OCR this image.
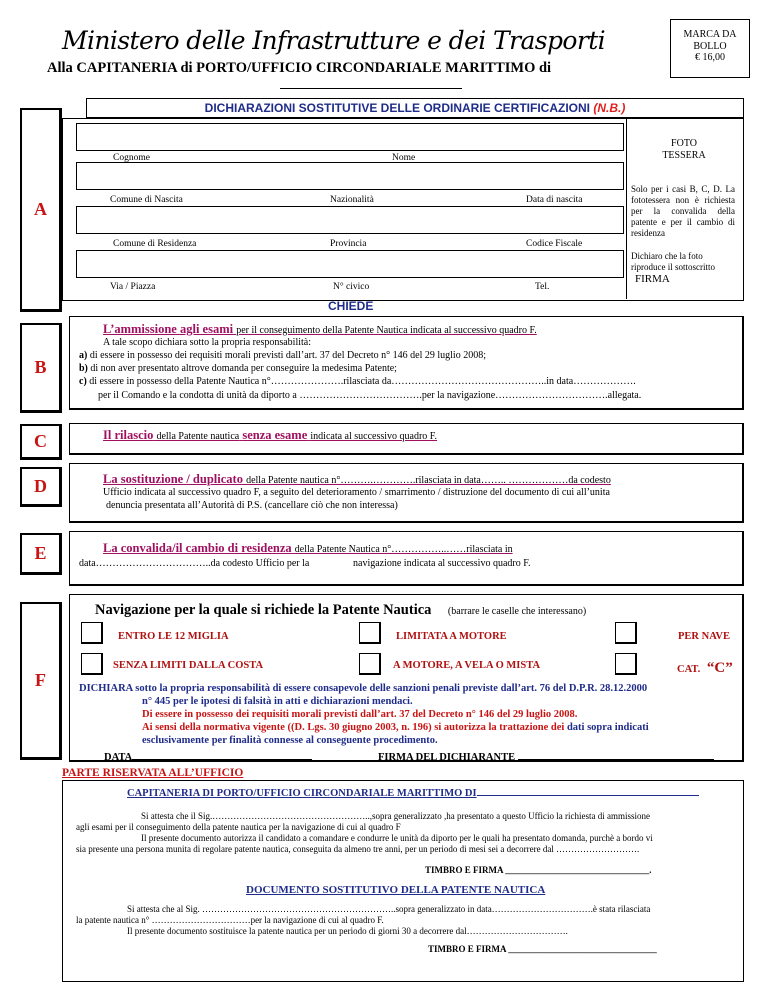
Ministero delle Infrastrutture e dei Trasporti
Alla CAPITANERIA di PORTO/UFFICIO CIRCONDARIALE MARITTIMO di
MARCA DA
BOLLO
€ 16,00
DICHIARAZIONI SOSTITUTIVE DELLE ORDINARIE CERTIFICAZIONI (N.B.)
A
Cognome	Nome
Comune di Nascita	Nazionalità	Data di nascita
Comune di Residenza	Provincia	Codice Fiscale
Via / Piazza	N° civico	Tel.
FOTO
TESSERA
Solo per i casi B, C, D. La fototessera non è richiesta per la convalida della patente e per il cambio di residenza
Dichiaro che la foto riproduce il sottoscritto
FIRMA
CHIEDE
B
L’ammissione agli esami per il conseguimento della Patente Nautica indicata al successivo quadro F.
A tale scopo dichiara sotto la propria responsabilità:
a) di essere in possesso dei requisiti morali previsti dall’art. 37 del Decreto n° 146 del 29 luglio 2008;
b) di non aver presentato altrove domanda per conseguire la medesima Patente;
c) di essere in possesso della Patente Nautica n°………………….rilasciata da………………………………………..in data……………….
per il Comando e la condotta di unità da diporto a ……………………………….per la navigazione…………………………….allegata.
C	Il rilascio della Patente nautica senza esame indicata al successivo quadro F.
D	La sostituzione / duplicato della Patente nautica n°……….………….rilasciata in data…….. ………………da codesto
Ufficio indicata al successivo quadro F, a seguito del deterioramento / smarrimento / distruzione del documento di cui all’unita
denuncia presentata all’Autorità di P.S. (cancellare ciò che non interessa)
E	La convalida/il cambio di residenza della Patente Nautica n°……………..……rilasciata in
data……………………………..da codesto Ufficio per la	navigazione indicata al successivo quadro F.
F
Navigazione per la quale si richiede la Patente Nautica (barrare le caselle che interessano)
ENTRO LE 12 MIGLIA	LIMITATA A MOTORE	PER NAVE
SENZA LIMITI DALLA COSTA	A MOTORE, A VELA O MISTA	CAT. “C”
DICHIARA sotto la propria responsabilità di essere consapevole delle sanzioni penali previste dall’art. 76 del D.P.R. 28.12.2000
n° 445 per le ipotesi di falsità in atti e dichiarazioni mendaci.
Di essere in possesso dei requisiti morali previsti dall’art. 37 del Decreto n° 146 del 29 luglio 2008.
Ai sensi della normativa vigente ((D. Lgs. 30 giugno 2003, n. 196) si autorizza la trattazione dei dati sopra indicati
esclusivamente per finalità connesse al conseguente procedimento.
DATA	FIRMA DEL DICHIARANTE
PARTE RISERVATA ALL’UFFICIO
CAPITANERIA DI PORTO/UFFICIO CIRCONDARIALE MARITTIMO DI
Si attesta che il Sig.……………………………………………..,sopra generalizzato ,ha presentato a questo Ufficio la richiesta di ammissione
agli esami per il conseguimento della patente nautica per la navigazione di cui al quadro F
Il presente documento autorizza il candidato a comandare e condurre le unità da diporto per le quali ha presentato domanda, purchè a bordo vi
sia presente una persona munita di regolare patente nautica, conseguita da almeno tre anni, per un periodo di mesi sei a decorrere dal ……………………….
TIMBRO E FIRMA ________________________________.
DOCUMENTO SOSTITUTIVO DELLA PATENTE NAUTICA
Si attesta che al Sig. ………………………………………………………..sopra generalizzato in data…………………………….è stata rilasciata
la patente nautica n° ……………………………per la navigazione di cui al quadro F.
Il presente documento sostituisce la patente nautica per un periodo di giorni 30 a decorrere dal…………………………….
TIMBRO E FIRMA _________________________________
